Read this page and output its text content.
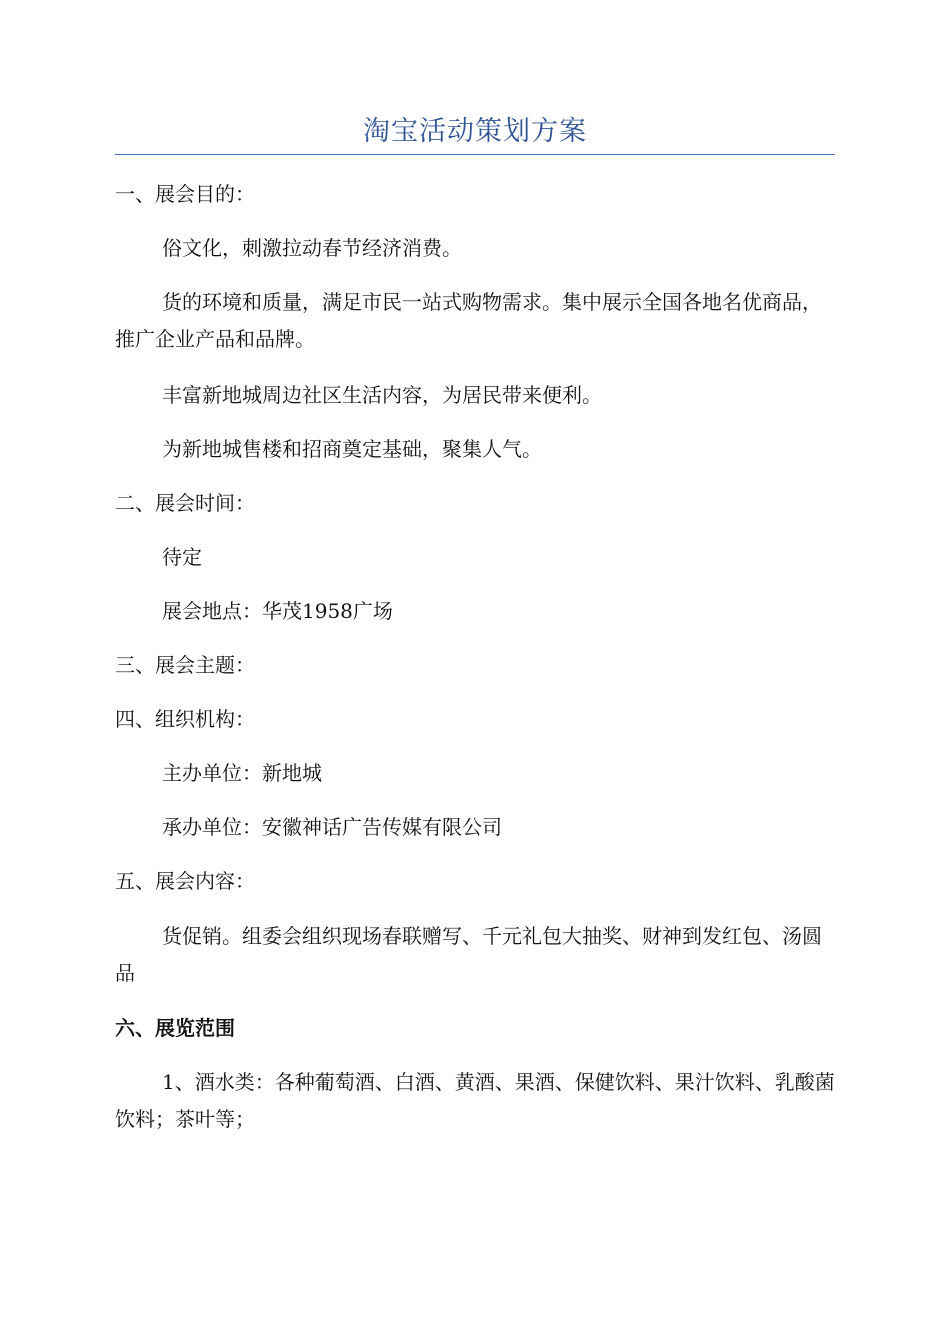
淘宝活动策划方案

一、展会目的：

俗文化，刺激拉动春节经济消费。

货的环境和质量，满足市民一站式购物需求。集中展示全国各地名优商品，推广企业产品和品牌。

丰富新地城周边社区生活内容，为居民带来便利。

为新地城售楼和招商奠定基础，聚集人气。

二、展会时间：

待定

展会地点：华茂1958广场

三、展会主题：

四、组织机构：

主办单位：新地城

承办单位：安徽神话广告传媒有限公司

五、展会内容：

货促销。组委会组织现场春联赠写、千元礼包大抽奖、财神到发红包、汤圆品

六、展览范围

1、酒水类：各种葡萄酒、白酒、黄酒、果酒、保健饮料、果汁饮料、乳酸菌饮料；茶叶等；
